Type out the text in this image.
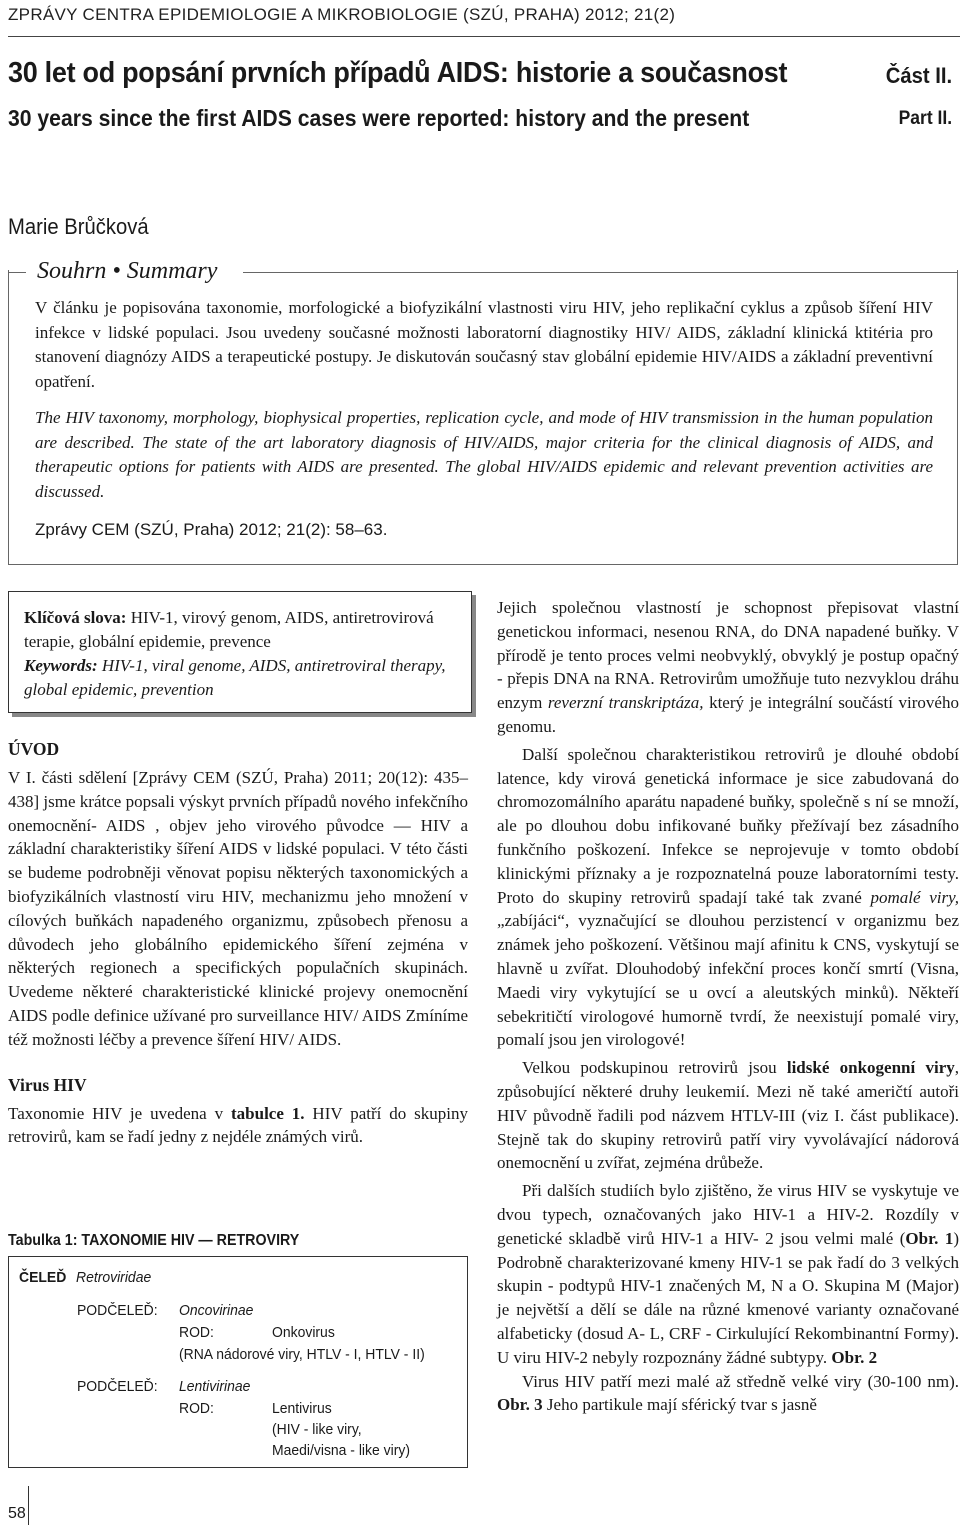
ZPRÁVY CENTRA EPIDEMIOLOGIE A MIKROBIOLOGIE (SZÚ, PRAHA) 2012; 21(2)
30 let od popsání prvních případů AIDS: historie a současnost	Část II.
30 years since the first AIDS cases were reported: history and the present	Part II.
Marie Brůčková
Souhrn • Summary
V článku je popisována taxonomie, morfologické a biofyzikální vlastnosti viru HIV, jeho replikační cyklus a způsob šíření HIV infekce v lidské populaci. Jsou uvedeny současné možnosti laboratorní diagnostiky HIV/ AIDS, základní klinická ktitéria pro stanovení diagnózy AIDS a terapeutické postupy. Je diskutován současný stav globální epidemie HIV/AIDS a základní preventivní opatření.
The HIV taxonomy, morphology, biophysical properties, replication cycle, and mode of HIV transmission in the human population are described. The state of the art laboratory diagnosis of HIV/AIDS, major criteria for the clinical diagnosis of AIDS, and therapeutic options for patients with AIDS are presented. The global HIV/AIDS epidemic and relevant prevention activities are discussed.
Zprávy CEM (SZÚ, Praha) 2012; 21(2): 58–63.
Klíčová slova: HIV-1, virový genom, AIDS, antiretrovirová terapie, globální epidemie, prevence
Keywords: HIV-1, viral genome, AIDS, antiretroviral therapy, global epidemic, prevention
ÚVOD

V I. části sdělení [Zprávy CEM (SZÚ, Praha) 2011; 20(12): 435–438] jsme krátce popsali výskyt prvních případů nového infekčního onemocnění- AIDS , objev jeho virového původce — HIV a základní charakteristiky šíření AIDS v lidské populaci. V této části se budeme podrobněji věnovat popisu některých taxonomických a biofyzikálních vlastností viru HIV, mechanizmu jeho množení v cílových buňkách napadeného organizmu, způsobech přenosu a důvodech jeho globálního epidemického šíření zejména v některých regionech a specifických populačních skupinách. Uvedeme některé charakteristické klinické projevy onemocnění AIDS podle definice užívané pro surveillance HIV/ AIDS Zmíníme též možnosti léčby a prevence šíření HIV/ AIDS.

Virus HIV

Taxonomie HIV je uvedena v tabulce 1. HIV patří do skupiny retrovirů, kam se řadí jedny z nejdéle známých virů.

Tabulka 1: TAXONOMIE HIV — RETROVIRY
ČELEĎ Retroviridae
PODČELEĎ: Oncovirinae
ROD:	Onkovirus
(RNA nádorové viry, HTLV - I, HTLV - II)
PODČELEĎ: Lentivirinae
ROD:	Lentivirus
(HIV - like viry,
Maedi/visna - like viry)

Jejich společnou vlastností je schopnost přepisovat vlastní genetickou informaci, nesenou RNA, do DNA napadené buňky. V přírodě je tento proces velmi neobvyklý, obvyklý je postup opačný - přepis DNA na RNA. Retrovirům umožňuje tuto nezvyklou dráhu enzym reverzní transkriptáza, který je integrální součástí virového genomu.

Další společnou charakteristikou retrovirů je dlouhé období latence, kdy virová genetická informace je sice zabudovaná do chromozomálního aparátu napadené buňky, společně s ní se množí, ale po dlouhou dobu infikované buňky přežívají bez zásadního funkčního poškození. Infekce se neprojevuje v tomto období klinickými příznaky a je rozpoznatelná pouze laboratorními testy. Proto do skupiny retrovirů spadají také tak zvané pomalé viry, „zabíjáci“, vyznačující se dlouhou perzistencí v organizmu bez známek jeho poškození. Většinou mají afinitu k CNS, vyskytují se hlavně u zvířat. Dlouhodobý infekční proces končí smrtí (Visna, Maedi viry vykytující se u ovcí a aleutských minků). Někteří sebekritičtí virologové humorně tvrdí, že neexistují pomalé viry, pomalí jsou jen virologové!

Velkou podskupinou retrovirů jsou lidské onkogenní viry, způsobující některé druhy leukemií. Mezi ně také američtí autoři HIV původně řadili pod názvem HTLV-III (viz I. část publikace). Stejně tak do skupiny retrovirů patří viry vyvolávající nádorová onemocnění u zvířat, zejména drůbeže.

Při dalších studiích bylo zjištěno, že virus HIV se vyskytuje ve dvou typech, označovaných jako HIV-1 a HIV-2. Rozdíly v genetické skladbě virů HIV-1 a HIV- 2 jsou velmi malé (Obr. 1) Podrobně charakterizované kmeny HIV-1 se pak řadí do 3 velkých skupin - podtypů HIV-1 značených M, N a O. Skupina M (Major) je největší a dělí se dále na různé kmenové varianty označované alfabeticky (dosud A- L, CRF - Cirkulující Rekombinantní Formy). U viru HIV-2 nebyly rozpoznány žádné subtypy. Obr. 2

Virus HIV patří mezi malé až středně velké viry (30-100 nm). Obr. 3 Jeho partikule mají sférický tvar s jasně

58
